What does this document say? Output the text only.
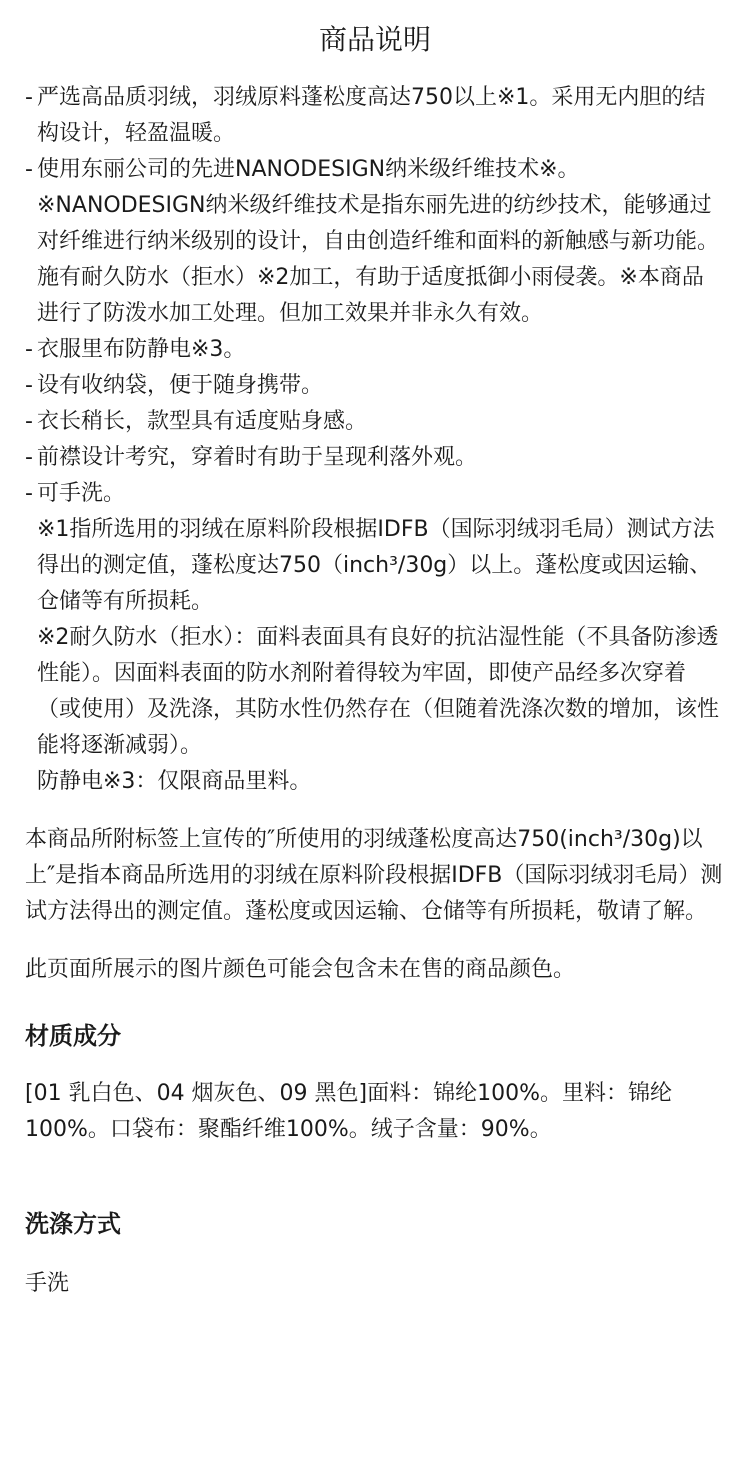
商品说明
- 严选高品质羽绒，羽绒原料蓬松度高达750以上※1。采用无内胆的结构设计，轻盈温暖。
- 使用东丽公司的先进NANODESIGN纳米级纤维技术※。※NANODESIGN纳米级纤维技术是指东丽先进的纺纱技术，能够通过对纤维进行纳米级别的设计，自由创造纤维和面料的新触感与新功能。施有耐久防水（拒水）※2加工，有助于适度抵御小雨侵袭。※本商品进行了防泼水加工处理。但加工效果并非永久有效。
- 衣服里布防静电※3。
- 设有收纳袋，便于随身携带。
- 衣长稍长，款型具有适度贴身感。
- 前襟设计考究，穿着时有助于呈现利落外观。
- 可手洗。
※1指所选用的羽绒在原料阶段根据IDFB（国际羽绒羽毛局）测试方法得出的测定值，蓬松度达750（inch³/30g）以上。蓬松度或因运输、仓储等有所损耗。
※2耐久防水（拒水）：面料表面具有良好的抗沾湿性能（不具备防渗透性能）。因面料表面的防水剂附着得较为牢固，即使产品经多次穿着（或使用）及洗涤，其防水性仍然存在（但随着洗涤次数的增加，该性能将逐渐减弱）。
防静电※3：仅限商品里料。

本商品所附标签上宣传的″所使用的羽绒蓬松度高达750(inch³/30g)以上″是指本商品所选用的羽绒在原料阶段根据IDFB（国际羽绒羽毛局）测试方法得出的测定值。蓬松度或因运输、仓储等有所损耗，敬请了解。

此页面所展示的图片颜色可能会包含未在售的商品颜色。

材质成分

[01 乳白色、04 烟灰色、09 黑色]面料：锦纶100%。里料：锦纶100%。口袋布：聚酯纤维100%。绒子含量：90%。

洗涤方式

手洗
